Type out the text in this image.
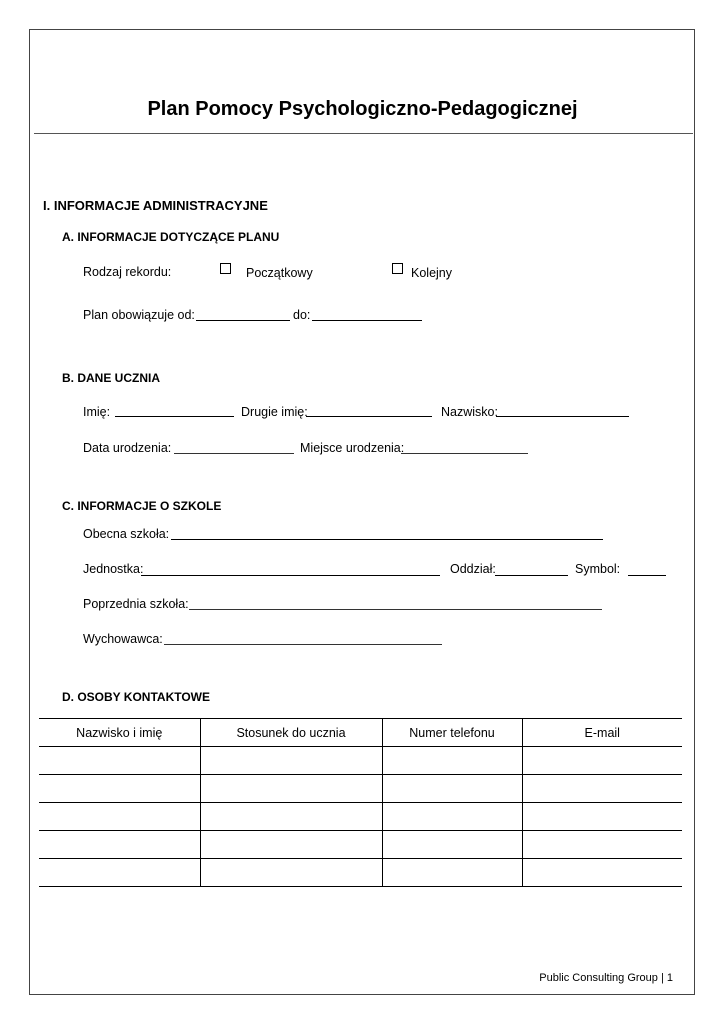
Plan Pomocy Psychologiczno-Pedagogicznej
I. INFORMACJE ADMINISTRACYJNE
A. INFORMACJE DOTYCZĄCE PLANU
Rodzaj rekordu:	Początkowy	Kolejny
Plan obowiązuje od:	do:
B. DANE UCZNIA
Imię:	Drugie imię:	Nazwisko:
Data urodzenia:	Miejsce urodzenia:
C. INFORMACJE O SZKOLE
Obecna szkoła:
Jednostka:	Oddział:	Symbol:
Poprzednia szkoła:
Wychowawca:
D. OSOBY KONTAKTOWE
Nazwisko i imię	Stosunek do ucznia	Numer telefonu	E-mail

Public Consulting Group | 1
